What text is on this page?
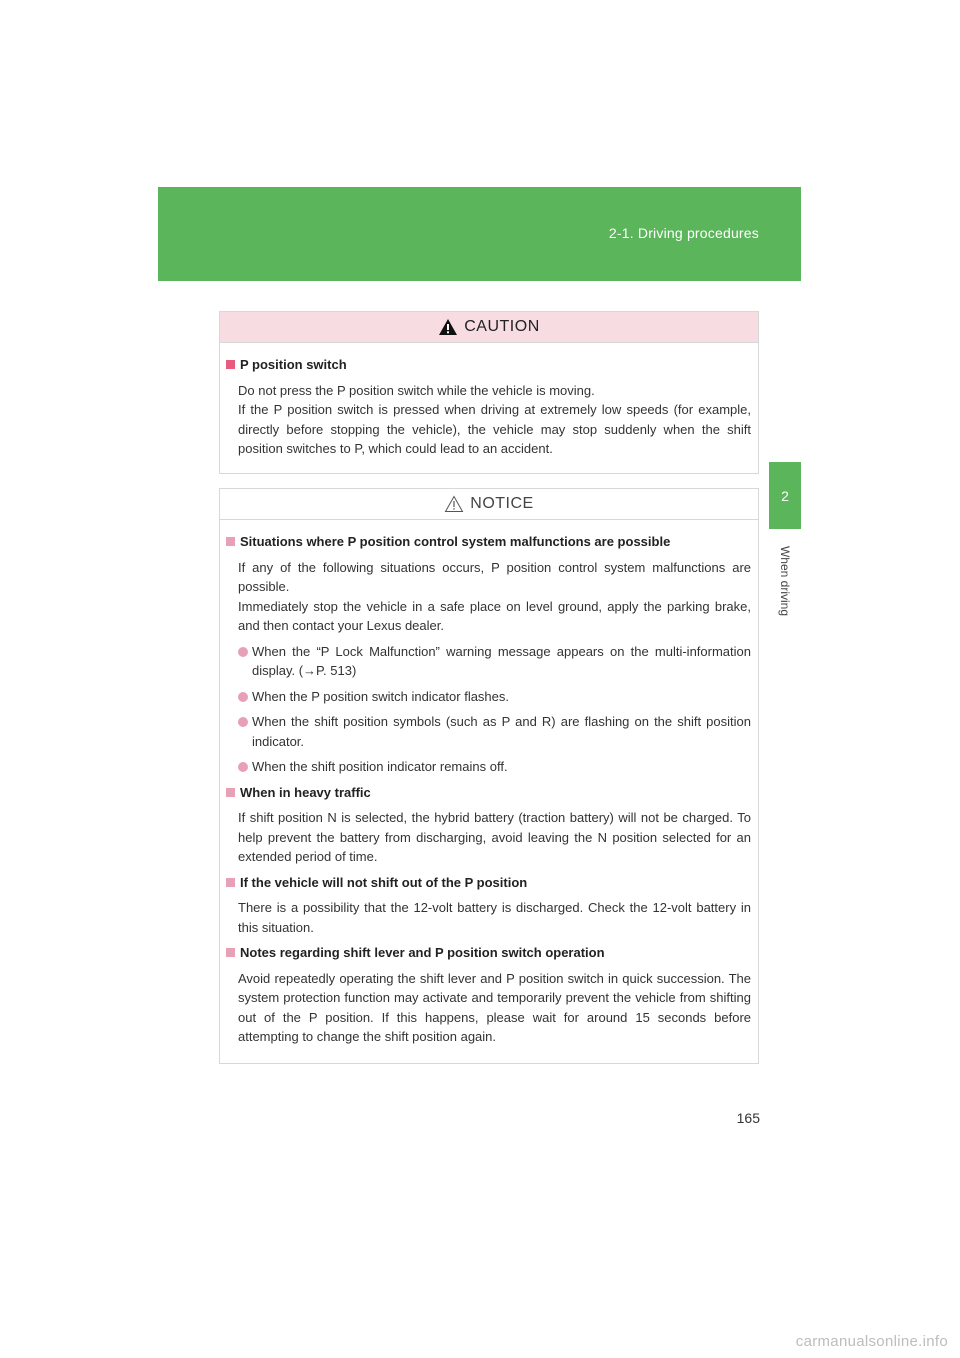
2-1. Driving procedures
2
When driving
CAUTION
P position switch

Do not press the P position switch while the vehicle is moving.

If the P position switch is pressed when driving at extremely low speeds (for example, directly before stopping the vehicle), the vehicle may stop suddenly when the shift position switches to P, which could lead to an accident.

NOTICE
Situations where P position control system malfunctions are possible

If any of the following situations occurs, P position control system malfunctions are possible.

Immediately stop the vehicle in a safe place on level ground, apply the parking brake, and then contact your Lexus dealer.

When the “P Lock Malfunction” warning message appears on the multi-information display. (→P. 513)
When the P position switch indicator flashes.
When the shift position symbols (such as P and R) are flashing on the shift position indicator.
When the shift position indicator remains off.
When in heavy traffic

If shift position N is selected, the hybrid battery (traction battery) will not be charged. To help prevent the battery from discharging, avoid leaving the N position selected for an extended period of time.

If the vehicle will not shift out of the P position

There is a possibility that the 12-volt battery is discharged. Check the 12-volt battery in this situation.

Notes regarding shift lever and P position switch operation

Avoid repeatedly operating the shift lever and P position switch in quick succession. The system protection function may activate and temporarily prevent the vehicle from shifting out of the P position. If this happens, please wait for around 15 seconds before attempting to change the shift position again.

165
carmanualsonline.info
